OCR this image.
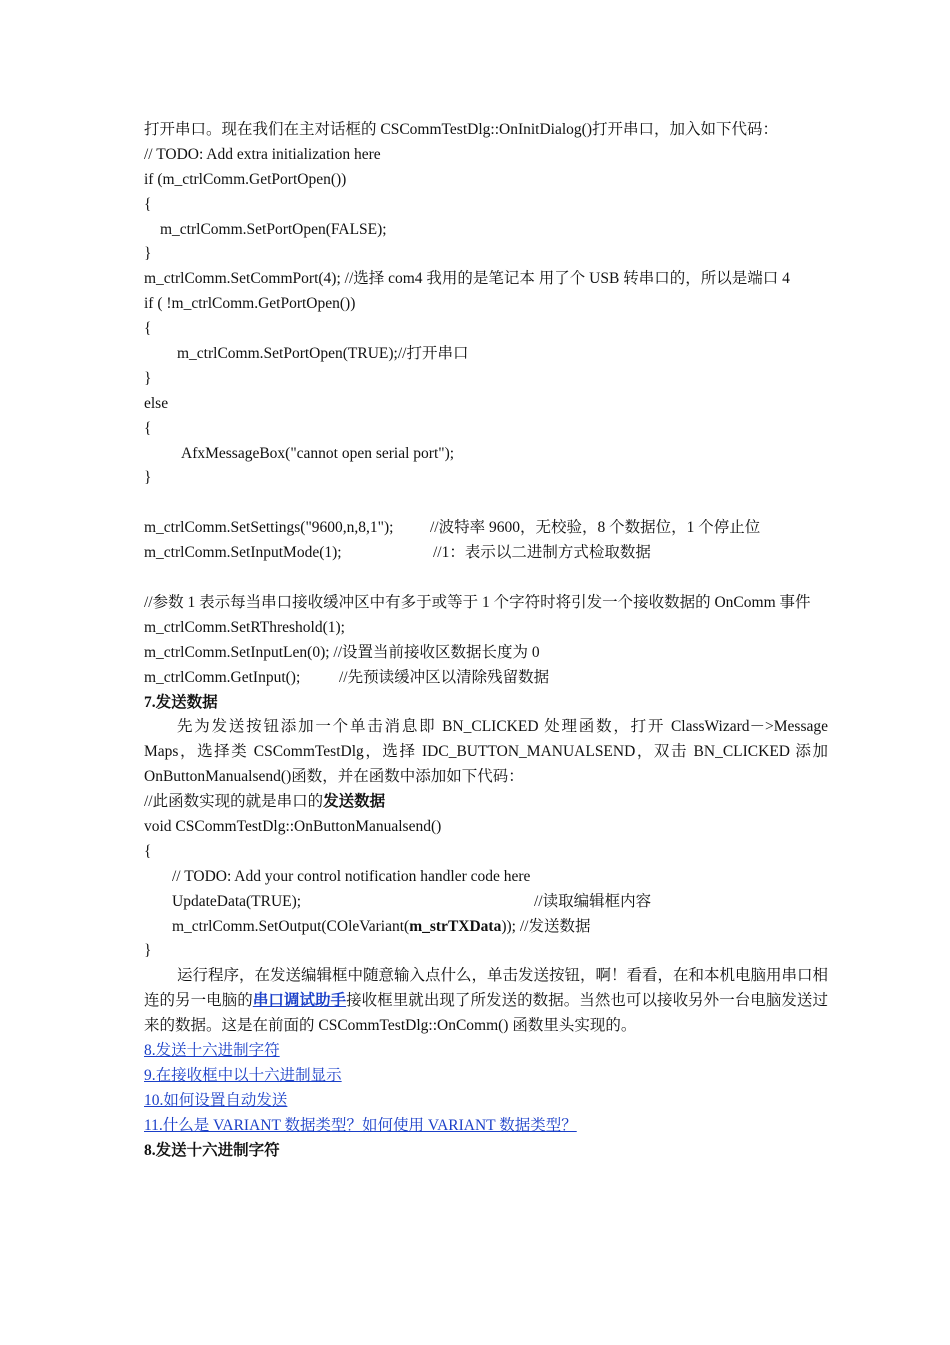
打开串口。现在我们在主对话框的 CSCommTestDlg::OnInitDialog()打开串口，加入如下代码：
// TODO: Add extra initialization here
if (m_ctrlComm.GetPortOpen())
{
m_ctrlComm.SetPortOpen(FALSE);
}
m_ctrlComm.SetCommPort(4); //选择 com4 我用的是笔记本 用了个 USB 转串口的，所以是端口 4
if ( !m_ctrlComm.GetPortOpen())
{
m_ctrlComm.SetPortOpen(TRUE);//打开串口
}
else
{
AfxMessageBox("cannot open serial port");
}
m_ctrlComm.SetSettings("9600,n,8,1"); //波特率 9600，无校验，8 个数据位，1 个停止位
m_ctrlComm.SetInputMode(1);	//1：表示以二进制方式检取数据
//参数 1 表示每当串口接收缓冲区中有多于或等于 1 个字符时将引发一个接收数据的 OnComm 事件
m_ctrlComm.SetRThreshold(1);
m_ctrlComm.SetInputLen(0); //设置当前接收区数据长度为 0
m_ctrlComm.GetInput(); //先预读缓冲区以清除残留数据
7.发送数据
先为发送按钮添加一个单击消息即 BN_CLICKED 处理函数，打开 ClassWizard－>Message Maps，选择类 CSCommTestDlg，选择 IDC_BUTTON_MANUALSEND，双击 BN_CLICKED 添加 OnButtonManualsend()函数，并在函数中添加如下代码：
//此函数实现的就是串口的发送数据
void CSCommTestDlg::OnButtonManualsend()
{
// TODO: Add your control notification handler code here
UpdateData(TRUE);	//读取编辑框内容
m_ctrlComm.SetOutput(COleVariant(m_strTXData)); //发送数据
}
运行程序，在发送编辑框中随意输入点什么，单击发送按钮，啊！看看，在和本机电脑用串口相连的另一电脑的串口调试助手接收框里就出现了所发送的数据。当然也可以接收另外一台电脑发送过来的数据。这是在前面的 CSCommTestDlg::OnComm() 函数里头实现的。
8.发送十六进制字符
9.在接收框中以十六进制显示
10.如何设置自动发送
11.什么是 VARIANT 数据类型？如何使用 VARIANT 数据类型？
8.发送十六进制字符
